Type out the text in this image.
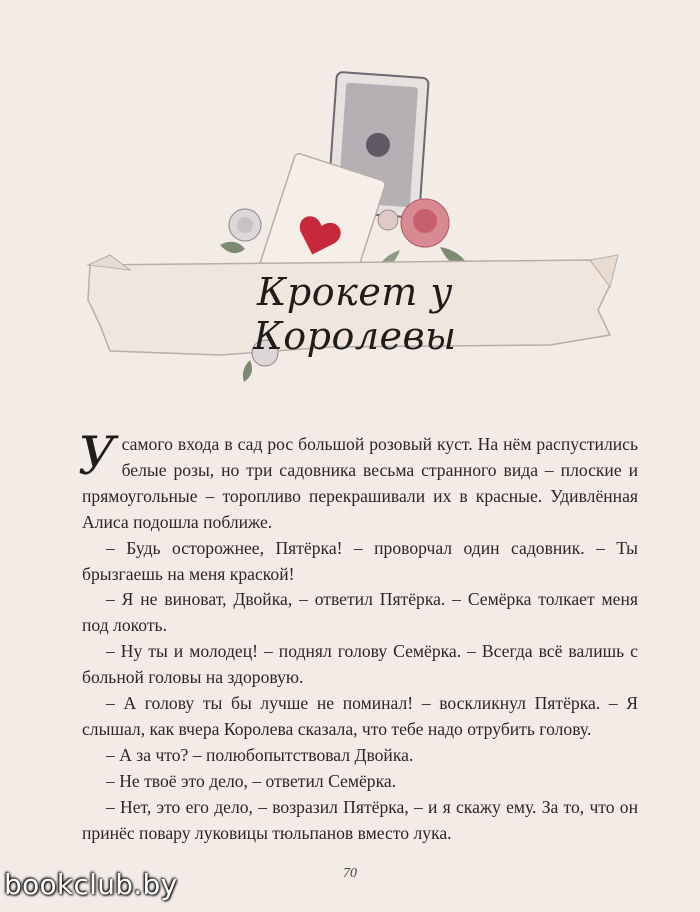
Крокет у Королевы

Усамого входа в сад рос большой розовый куст. На нём распустились белые розы, но три садовника весьма странного вида – плоские и прямоугольные – торопливо перекрашивали их в красные. Удивлённая Алиса подошла поближе.

– Будь осторожнее, Пятёрка! – проворчал один садовник. – Ты брызгаешь на меня краской!

– Я не виноват, Двойка, – ответил Пятёрка. – Семёрка толкает меня под локоть.

– Ну ты и молодец! – поднял голову Семёрка. – Всегда всё валишь с больной головы на здоровую.

– А голову ты бы лучше не поминал! – воскликнул Пятёрка. – Я слышал, как вчера Королева сказала, что тебе надо отрубить голову.

– А за что? – полюбопытствовал Двойка.

– Не твоё это дело, – ответил Семёрка.

– Нет, это его дело, – возразил Пятёрка, – и я скажу ему. За то, что он принёс повару луковицы тюльпанов вместо лука.

70
bookclub.by
